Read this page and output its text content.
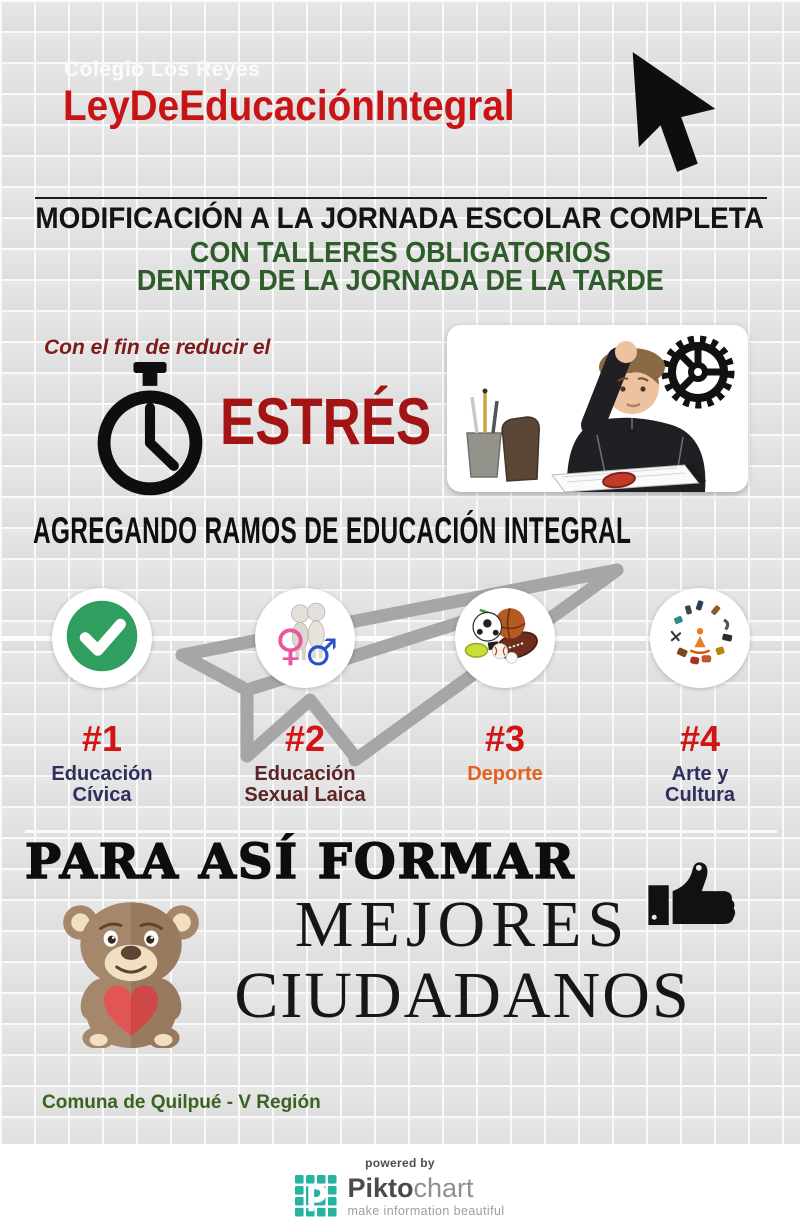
Colegio Los Reyes
LeyDeEducaciónIntegral
MODIFICACIÓN A LA JORNADA ESCOLAR COMPLETA
CON TALLERES OBLIGATORIOS
DENTRO DE LA JORNADA DE LA TARDE
Con el fin de reducir el
ESTRÉS
AGREGANDO RAMOS DE EDUCACIÓN INTEGRAL
#1
Educación
Cívica
♀
♂
#2
Educación
Sexual Laica
#3
Deporte
#4
Arte y
Cultura
PARA ASÍ FORMAR
MEJORES
CIUDADANOS
Comuna de Quilpué - V Región
powered by
Piktochart
make information beautiful
